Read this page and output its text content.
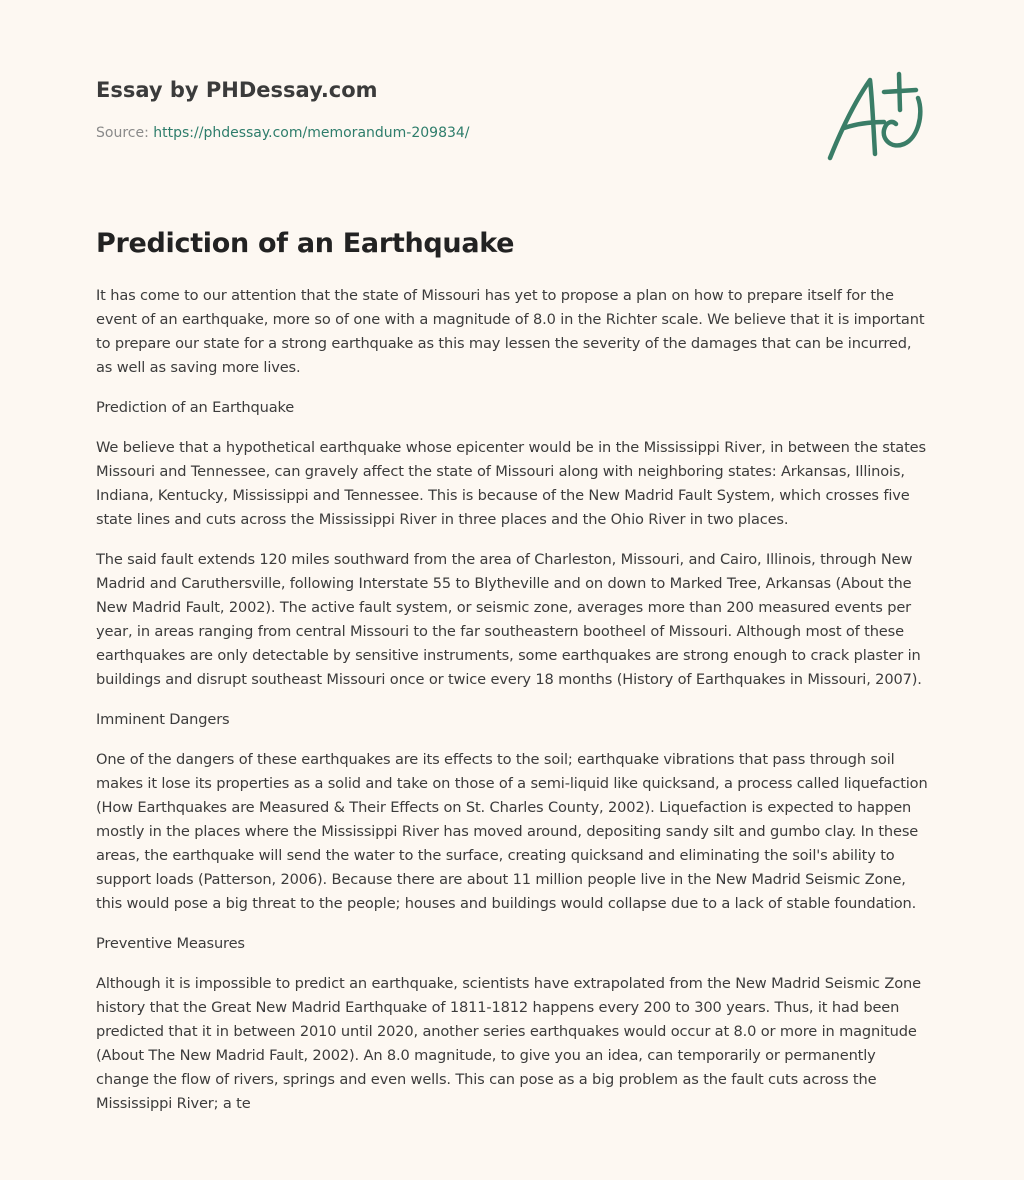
Essay by PHDessay.com
Source: https://phdessay.com/memorandum-209834/
Prediction of an Earthquake

It has come to our attention that the state of Missouri has yet to propose a plan on how to prepare itself for the event of an earthquake, more so of one with a magnitude of 8.0 in the Richter scale. We believe that it is important to prepare our state for a strong earthquake as this may lessen the severity of the damages that can be incurred, as well as saving more lives.

Prediction of an Earthquake

We believe that a hypothetical earthquake whose epicenter would be in the Mississippi River, in between the states Missouri and Tennessee, can gravely affect the state of Missouri along with neighboring states: Arkansas, Illinois, Indiana, Kentucky, Mississippi and Tennessee. This is because of the New Madrid Fault System, which crosses five state lines and cuts across the Mississippi River in three places and the Ohio River in two places.

The said fault extends 120 miles southward from the area of Charleston, Missouri, and Cairo, Illinois, through New Madrid and Caruthersville, following Interstate 55 to Blytheville and on down to Marked Tree, Arkansas (About the New Madrid Fault, 2002). The active fault system, or seismic zone, averages more than 200 measured events per year, in areas ranging from central Missouri to the far southeastern bootheel of Missouri. Although most of these earthquakes are only detectable by sensitive instruments, some earthquakes are strong enough to crack plaster in buildings and disrupt southeast Missouri once or twice every 18 months (History of Earthquakes in Missouri, 2007).

Imminent Dangers

One of the dangers of these earthquakes are its effects to the soil; earthquake vibrations that pass through soil makes it lose its properties as a solid and take on those of a semi-liquid like quicksand, a process called liquefaction (How Earthquakes are Measured & Their Effects on St. Charles County, 2002). Liquefaction is expected to happen mostly in the places where the Mississippi River has moved around, depositing sandy silt and gumbo clay. In these areas, the earthquake will send the water to the surface, creating quicksand and eliminating the soil's ability to support loads (Patterson, 2006). Because there are about 11 million people live in the New Madrid Seismic Zone, this would pose a big threat to the people; houses and buildings would collapse due to a lack of stable foundation.

Preventive Measures

Although it is impossible to predict an earthquake, scientists have extrapolated from the New Madrid Seismic Zone history that the Great New Madrid Earthquake of 1811-1812 happens every 200 to 300 years. Thus, it had been predicted that it in between 2010 until 2020, another series earthquakes would occur at 8.0 or more in magnitude (About The New Madrid Fault, 2002). An 8.0 magnitude, to give you an idea, can temporarily or permanently change the flow of rivers, springs and even wells. This can pose as a big problem as the fault cuts across the Mississippi River; a te
